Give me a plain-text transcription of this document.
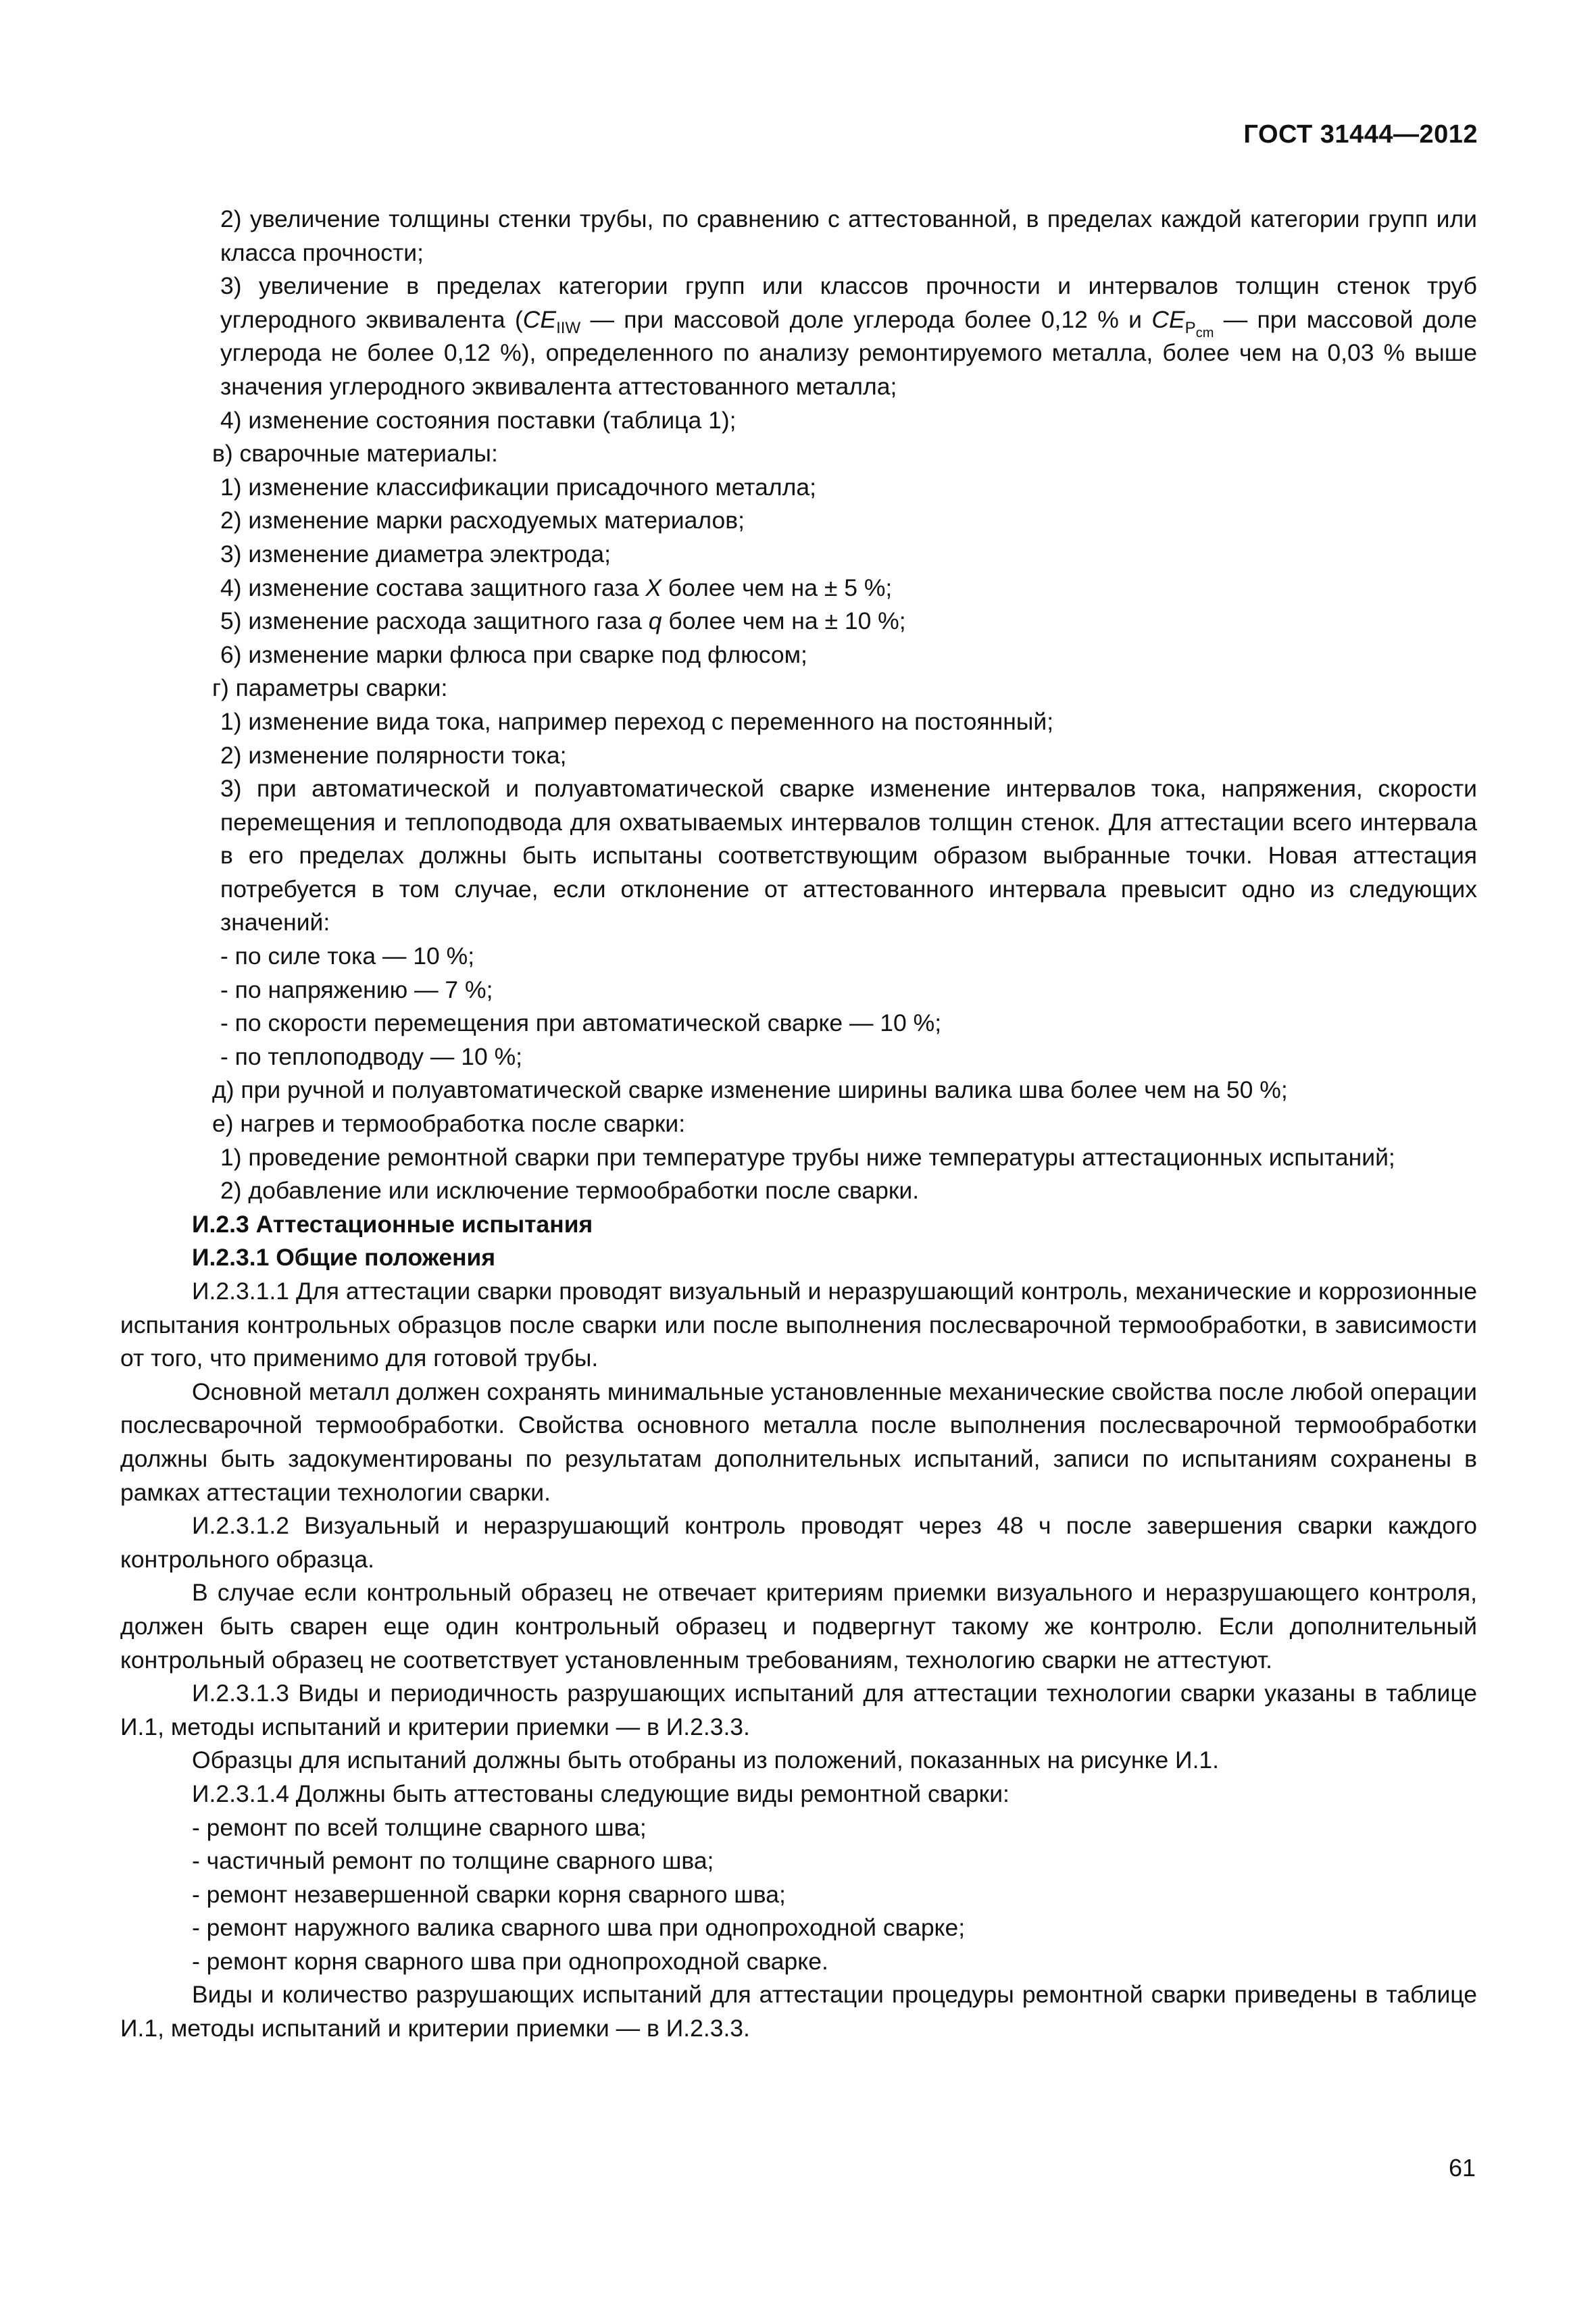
ГОСТ 31444—2012

2) увеличение толщины стенки трубы, по сравнению с аттестованной, в пределах каждой категории групп или класса прочности;

3) увеличение в пределах категории групп или классов прочности и интервалов толщин стенок труб углеродного эквивалента ($CE_{IIW}$ — при массовой доле углерода более 0,12 % и $CE_{P_{cm}}$ — при массовой доле углерода не более 0,12 %), определенного по анализу ремонтируемого металла, более чем на 0,03 % выше значения углеродного эквивалента аттестованного металла;

4) изменение состояния поставки (таблица 1);

в) сварочные материалы:

1) изменение классификации присадочного металла;

2) изменение марки расходуемых материалов;

3) изменение диаметра электрода;

4) изменение состава защитного газа X более чем на ± 5 %;

5) изменение расхода защитного газа q более чем на ± 10 %;

6) изменение марки флюса при сварке под флюсом;

г) параметры сварки:

1) изменение вида тока, например переход с переменного на постоянный;

2) изменение полярности тока;

3) при автоматической и полуавтоматической сварке изменение интервалов тока, напряжения, скорости перемещения и теплоподвода для охватываемых интервалов толщин стенок. Для аттестации всего интервала в его пределах должны быть испытаны соответствующим образом выбранные точки. Новая аттестация потребуется в том случае, если отклонение от аттестованного интервала превысит одно из следующих значений:

- по силе тока — 10 %;

- по напряжению — 7 %;

- по скорости перемещения при автоматической сварке — 10 %;

- по теплоподводу — 10 %;

д) при ручной и полуавтоматической сварке изменение ширины валика шва более чем на 50 %;

е) нагрев и термообработка после сварки:

1) проведение ремонтной сварки при температуре трубы ниже температуры аттестационных испытаний;

2) добавление или исключение термообработки после сварки.

И.2.3 Аттестационные испытания

И.2.3.1 Общие положения

И.2.3.1.1 Для аттестации сварки проводят визуальный и неразрушающий контроль, механические и коррозионные испытания контрольных образцов после сварки или после выполнения послесварочной термообработки, в зависимости от того, что применимо для готовой трубы.

Основной металл должен сохранять минимальные установленные механические свойства после любой операции послесварочной термообработки. Свойства основного металла после выполнения послесварочной термообработки должны быть задокументированы по результатам дополнительных испытаний, записи по испытаниям сохранены в рамках аттестации технологии сварки.

И.2.3.1.2 Визуальный и неразрушающий контроль проводят через 48 ч после завершения сварки каждого контрольного образца.

В случае если контрольный образец не отвечает критериям приемки визуального и неразрушающего контроля, должен быть сварен еще один контрольный образец и подвергнут такому же контролю. Если дополнительный контрольный образец не соответствует установленным требованиям, технологию сварки не аттестуют.

И.2.3.1.3 Виды и периодичность разрушающих испытаний для аттестации технологии сварки указаны в таблице И.1, методы испытаний и критерии приемки — в И.2.3.3.

Образцы для испытаний должны быть отобраны из положений, показанных на рисунке И.1.

И.2.3.1.4 Должны быть аттестованы следующие виды ремонтной сварки:

- ремонт по всей толщине сварного шва;

- частичный ремонт по толщине сварного шва;

- ремонт незавершенной сварки корня сварного шва;

- ремонт наружного валика сварного шва при однопроходной сварке;

- ремонт корня сварного шва при однопроходной сварке.

Виды и количество разрушающих испытаний для аттестации процедуры ремонтной сварки приведены в таблице И.1, методы испытаний и критерии приемки — в И.2.3.3.

61
